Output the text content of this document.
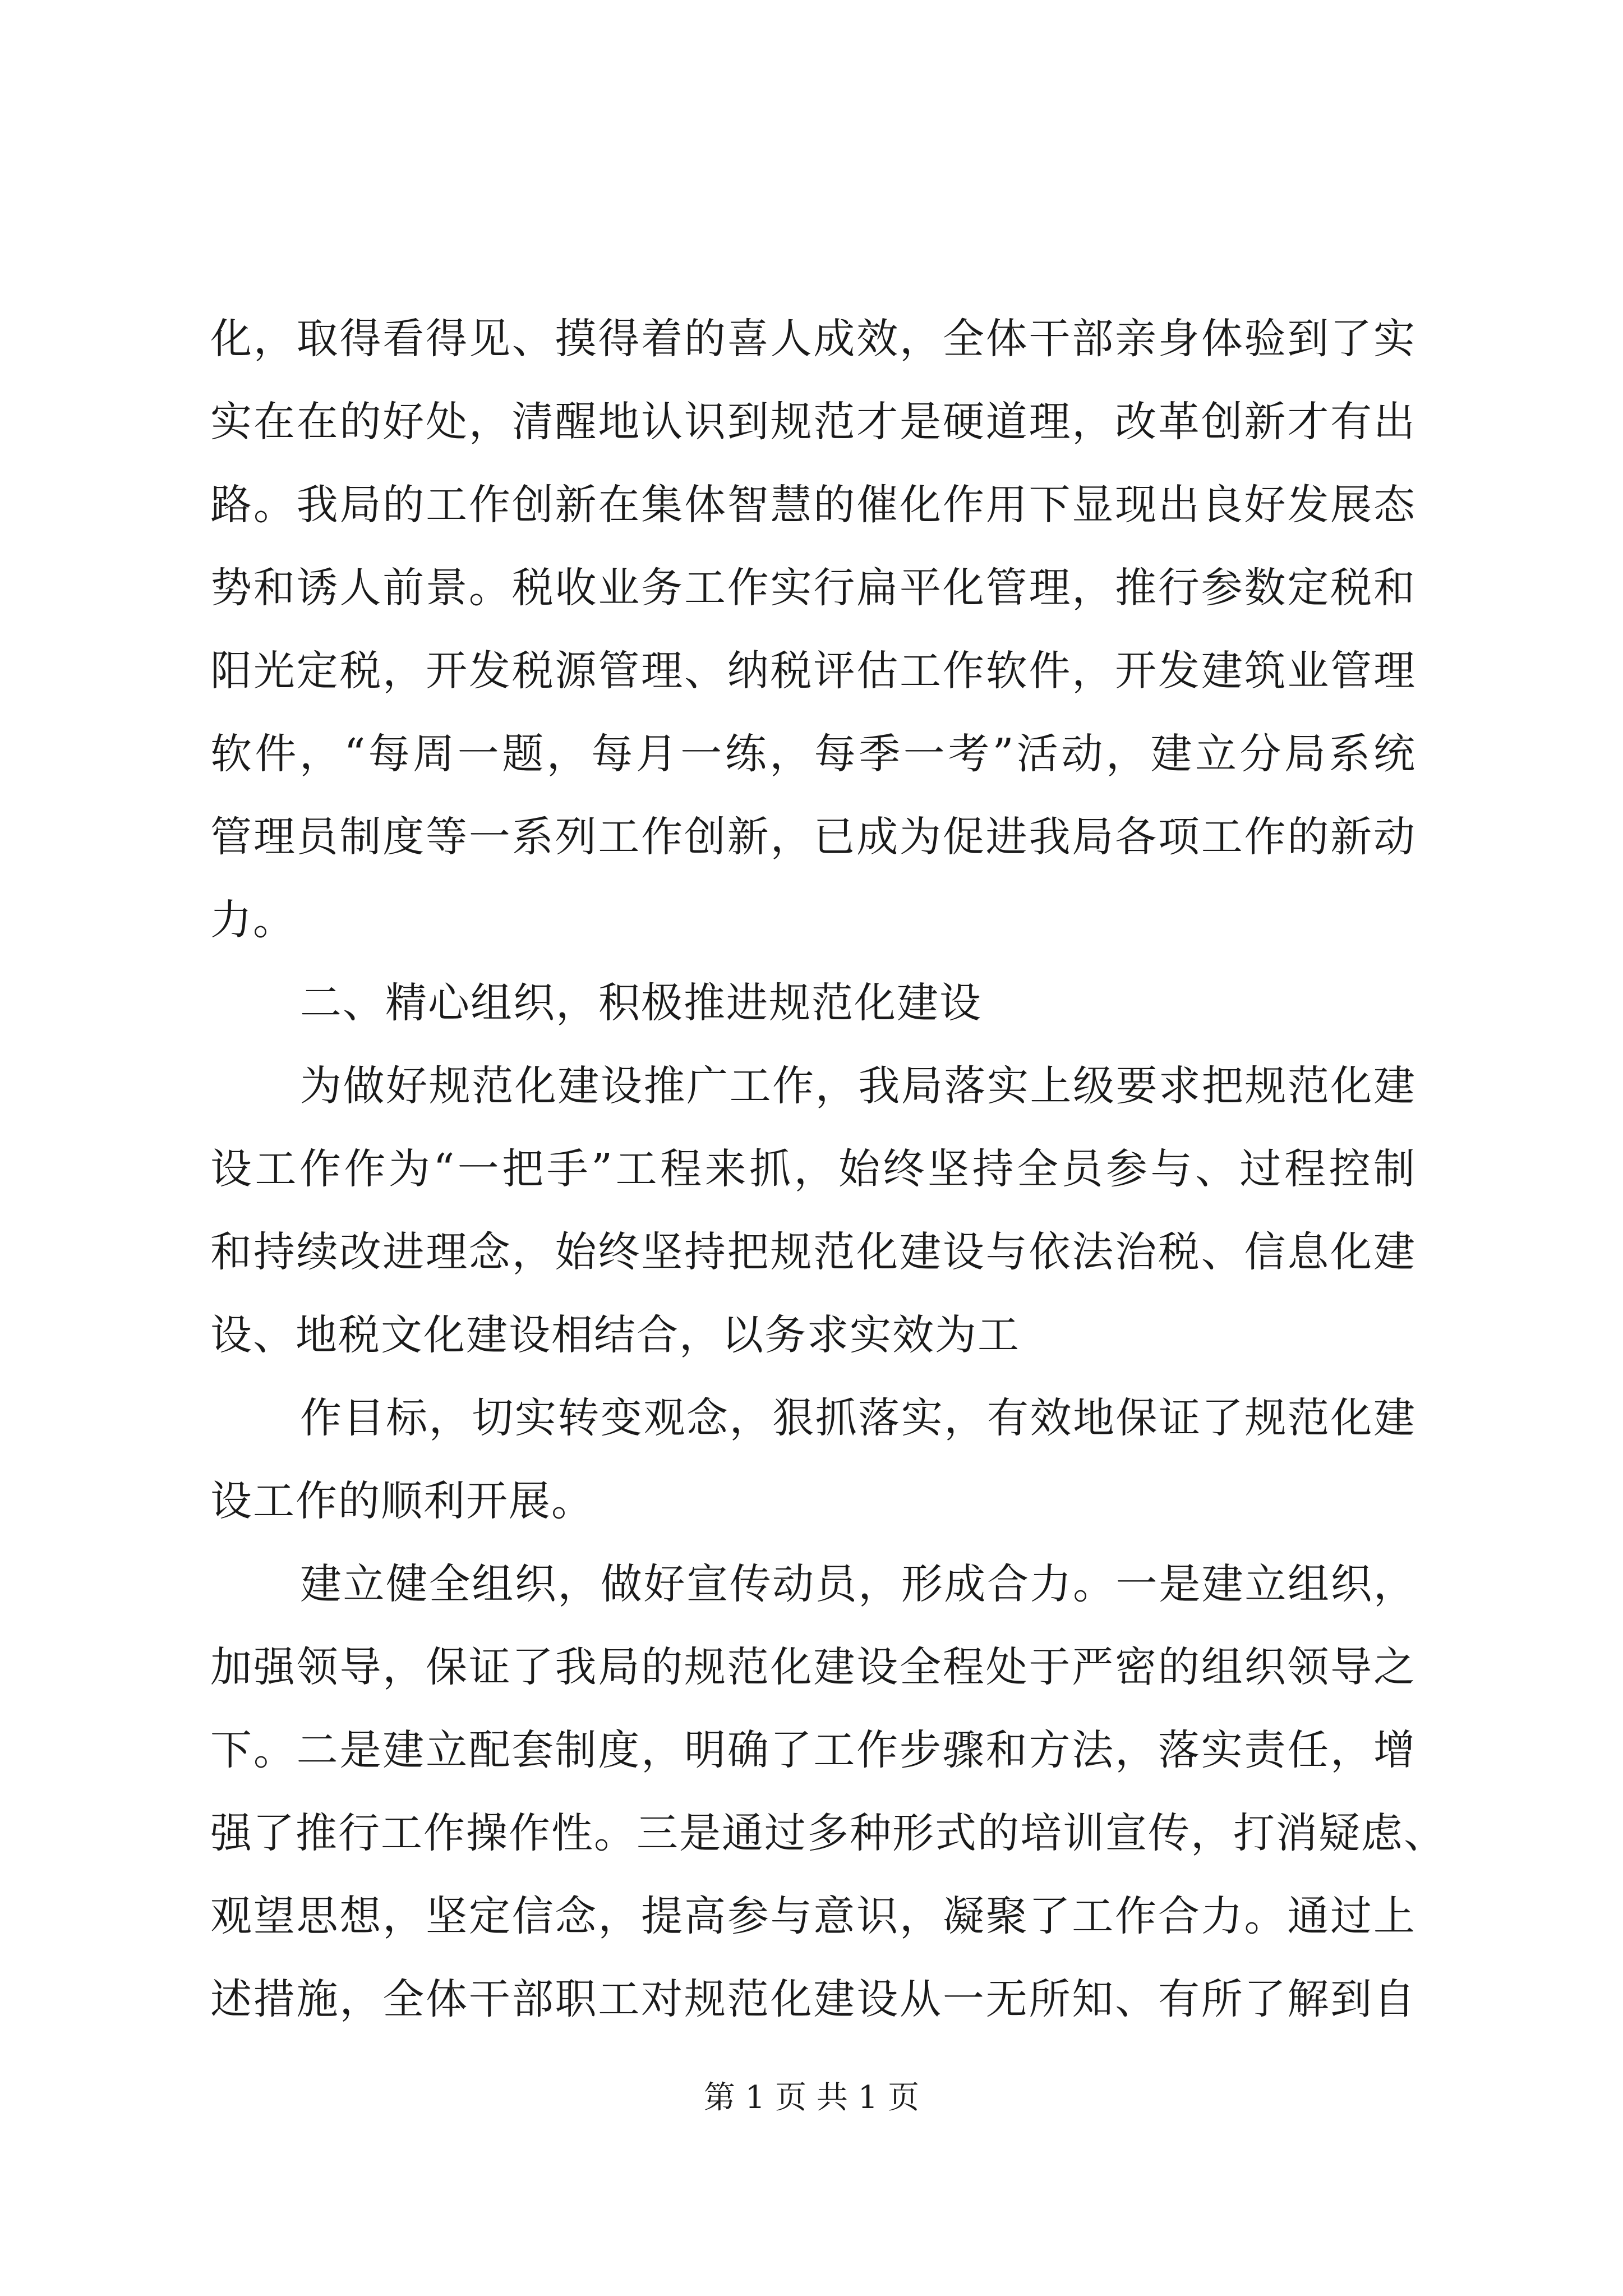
化，取得看得见、摸得着的喜人成效，全体干部亲身体验到了实
实在在的好处，清醒地认识到规范才是硬道理，改革创新才有出
路。我局的工作创新在集体智慧的催化作用下显现出良好发展态
势和诱人前景。税收业务工作实行扁平化管理，推行参数定税和
阳光定税，开发税源管理、纳税评估工作软件，开发建筑业管理
软件，“每周一题，每月一练，每季一考”活动，建立分局系统
管理员制度等一系列工作创新，已成为促进我局各项工作的新动
力。
二、精心组织，积极推进规范化建设
为做好规范化建设推广工作，我局落实上级要求把规范化建
设工作作为“一把手”工程来抓，始终坚持全员参与、过程控制
和持续改进理念，始终坚持把规范化建设与依法治税、信息化建
设、地税文化建设相结合，以务求实效为工
作目标，切实转变观念，狠抓落实，有效地保证了规范化建
设工作的顺利开展。
建立健全组织，做好宣传动员，形成合力。一是建立组织，
加强领导，保证了我局的规范化建设全程处于严密的组织领导之
下。二是建立配套制度，明确了工作步骤和方法，落实责任，增
强了推行工作操作性。三是通过多种形式的培训宣传，打消疑虑、
观望思想，坚定信念，提高参与意识，凝聚了工作合力。通过上
述措施，全体干部职工对规范化建设从一无所知、有所了解到自
第 1 页 共 1 页
